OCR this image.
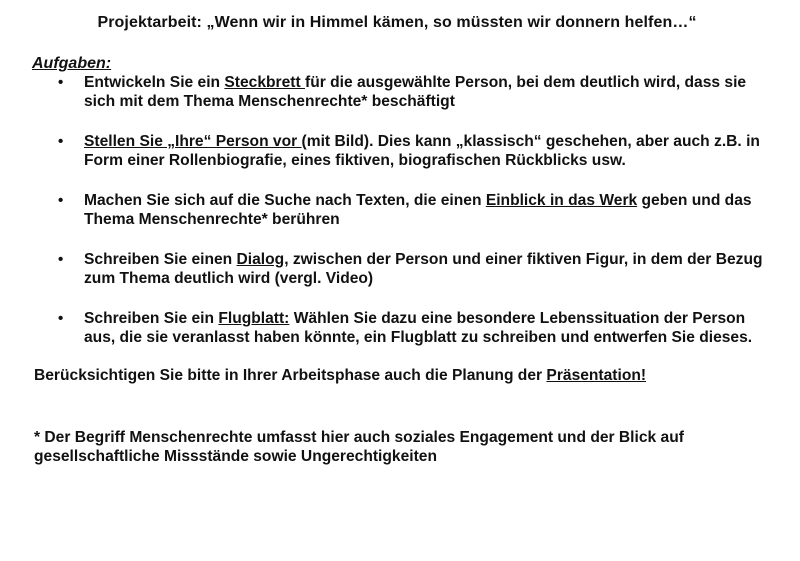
Projektarbeit: „Wenn wir in Himmel kämen, so müssten wir donnern helfen…“
Aufgaben:
• Entwickeln Sie ein Steckbrett für die ausgewählte Person, bei dem deutlich wird, dass sie sich mit dem Thema Menschenrechte* beschäftigt
• Stellen Sie „Ihre“ Person vor (mit Bild). Dies kann „klassisch“ geschehen, aber auch z.B. in Form einer Rollenbiografie, eines fiktiven, biografischen Rückblicks usw.
• Machen Sie sich auf die Suche nach Texten, die einen Einblick in das Werk geben und das Thema Menschenrechte* berühren
• Schreiben Sie einen Dialog, zwischen der Person und einer fiktiven Figur, in dem der Bezug zum Thema deutlich wird (vergl. Video)
• Schreiben Sie ein Flugblatt: Wählen Sie dazu eine besondere Lebenssituation der Person aus, die sie veranlasst haben könnte, ein Flugblatt zu schreiben und entwerfen Sie dieses.
Berücksichtigen Sie bitte in Ihrer Arbeitsphase auch die Planung der Präsentation!
* Der Begriff Menschenrechte umfasst hier auch soziales Engagement und der Blick auf gesellschaftliche Missstände sowie Ungerechtigkeiten
